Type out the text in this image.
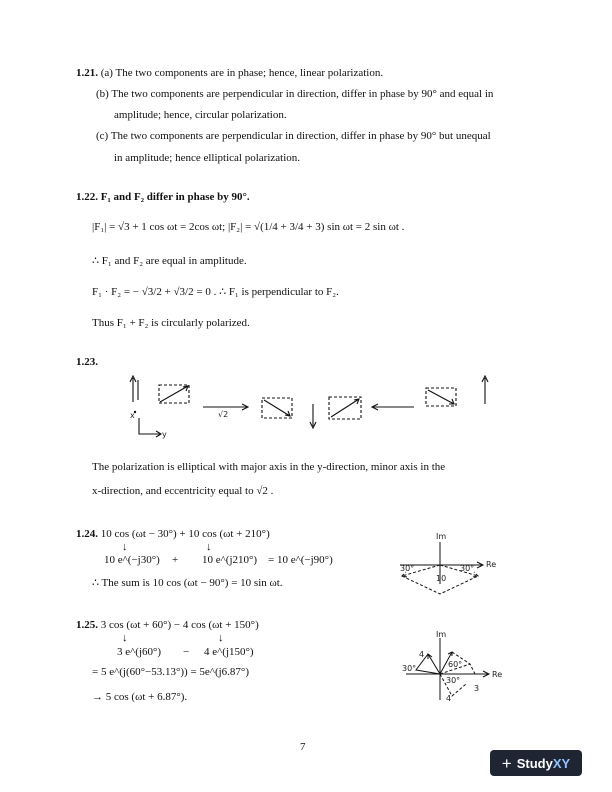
1.21. (a) The two components are in phase; hence, linear polarization.
(b) The two components are perpendicular in direction, differ in phase by 90° and equal in
amplitude; hence, circular polarization.
(c) The two components are perpendicular in direction, differ in phase by 90° but unequal
in amplitude; hence elliptical polarization.
1.22. F₁ and F₂ differ in phase by 90°.
|F₁| = √3 + 1 cos ωt = 2cos ωt; |F₂| = √(1/4 + 3/4 + 3) sin ωt = 2 sin ωt .
∴ F₁ and F₂ are equal in amplitude.
F₁ · F₂ = − √3/2 + √3/2 = 0 . ∴ F₁ is perpendicular to F₂.
Thus F₁ + F₂ is circularly polarized.
1.23.
√2
x
y
The polarization is elliptical with major axis in the y-direction, minor axis in the
x-direction, and eccentricity equal to √2 .
1.24. 10 cos (ωt − 30°) + 10 cos (ωt + 210°)
↓	↓
10 e^(−j30°) + 10 e^(j210°) = 10 e^(−j90°)
∴ The sum is 10 cos (ωt − 90°) = 10 sin ωt.
Im
Re
30°	30°
10
1.25. 3 cos (ωt + 60°) − 4 cos (ωt + 150°)
↓	↓
3 e^(j60°) − 4 e^(j150°)
= 5 e^(j(60°−53.13°)) = 5e^(j6.87°)
→ 5 cos (ωt + 6.87°).
Im
Re
4
3
4
60°
30°
30°
7
+ StudyXY
